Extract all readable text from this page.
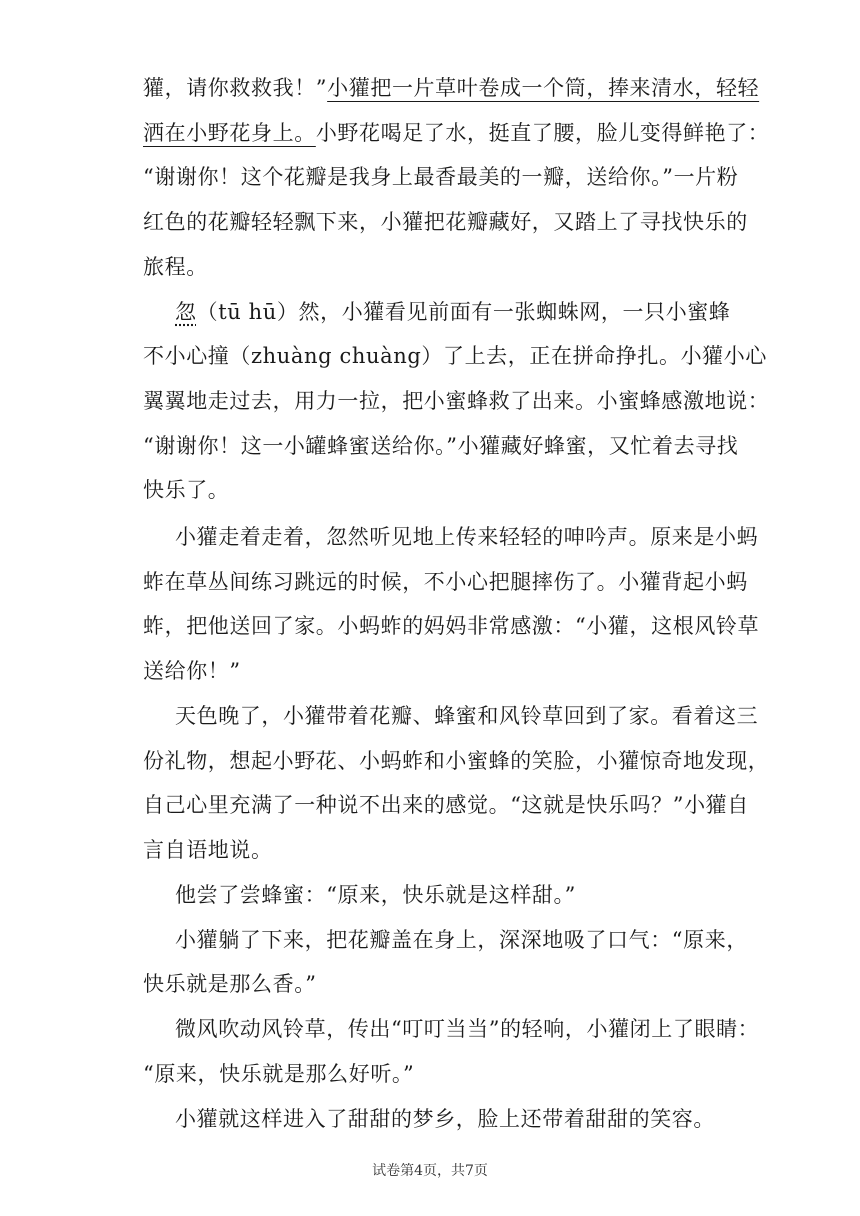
獾，请你救救我！”小獾把一片草叶卷成一个筒，捧来清水，轻轻
洒在小野花身上。小野花喝足了水，挺直了腰，脸儿变得鲜艳了：
“谢谢你！这个花瓣是我身上最香最美的一瓣，送给你。”一片粉
红色的花瓣轻轻飘下来，小獾把花瓣藏好，又踏上了寻找快乐的
旅程。
忽（tū hū）然，小獾看见前面有一张蜘蛛网，一只小蜜蜂
不小心撞（zhuàng chuàng）了上去，正在拼命挣扎。小獾小心
翼翼地走过去，用力一拉，把小蜜蜂救了出来。小蜜蜂感激地说：
“谢谢你！这一小罐蜂蜜送给你。”小獾藏好蜂蜜，又忙着去寻找
快乐了。
小獾走着走着，忽然听见地上传来轻轻的呻吟声。原来是小蚂
蚱在草丛间练习跳远的时候，不小心把腿摔伤了。小獾背起小蚂
蚱，把他送回了家。小蚂蚱的妈妈非常感激：“小獾，这根风铃草
送给你！”
天色晚了，小獾带着花瓣、蜂蜜和风铃草回到了家。看着这三
份礼物，想起小野花、小蚂蚱和小蜜蜂的笑脸，小獾惊奇地发现，
自己心里充满了一种说不出来的感觉。“这就是快乐吗？”小獾自
言自语地说。
他尝了尝蜂蜜：“原来，快乐就是这样甜。”
小獾躺了下来，把花瓣盖在身上，深深地吸了口气：“原来，
快乐就是那么香。”
微风吹动风铃草，传出“叮叮当当”的轻响，小獾闭上了眼睛：
“原来，快乐就是那么好听。”
小獾就这样进入了甜甜的梦乡，脸上还带着甜甜的笑容。
试卷第4页，共7页
